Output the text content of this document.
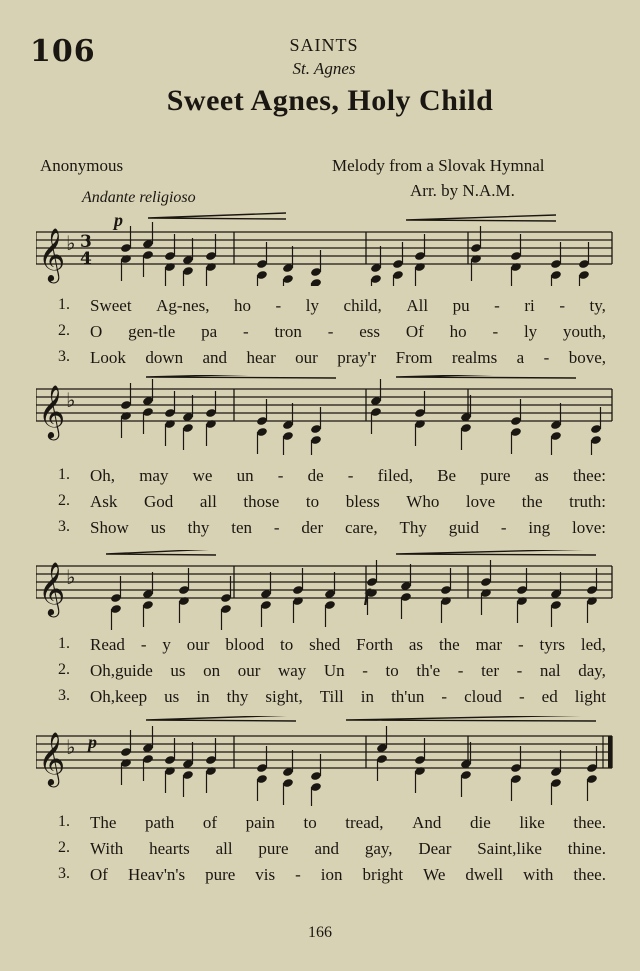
106	SAINTS
St. Agnes
Sweet Agnes, Holy Child
Anonymous	Melody from a Slovak Hymnal
Arr. by N.A.M.
Andante religioso
𝄞 ♭ 3
4
𝄞 ♭
𝄞 ♭
𝄞 ♭
p
f
p
1. Sweet Ag-nes, ho - ly child, All pu - ri - ty,
2. O gen-tle pa - tron - ess Of ho - ly youth,
3. Look down and hear our pray'r From realms a - bove,
1. Oh, may we un - de - filed, Be pure as thee:
2. Ask God all those to bless Who love the truth:
3. Show us thy ten - der care, Thy guid - ing love:
1. Read - y our blood to shed Forth as the mar - tyrs led,
2. Oh,guide us on our way Un - to th'e - ter - nal day,
3. Oh,keep us in thy sight, Till in th'un - cloud - ed light
1. The path of pain to tread, And die like thee.
2. With hearts all pure and gay, Dear Saint,like thine.
3. Of Heav'n's pure vis - ion bright We dwell with thee.
166
